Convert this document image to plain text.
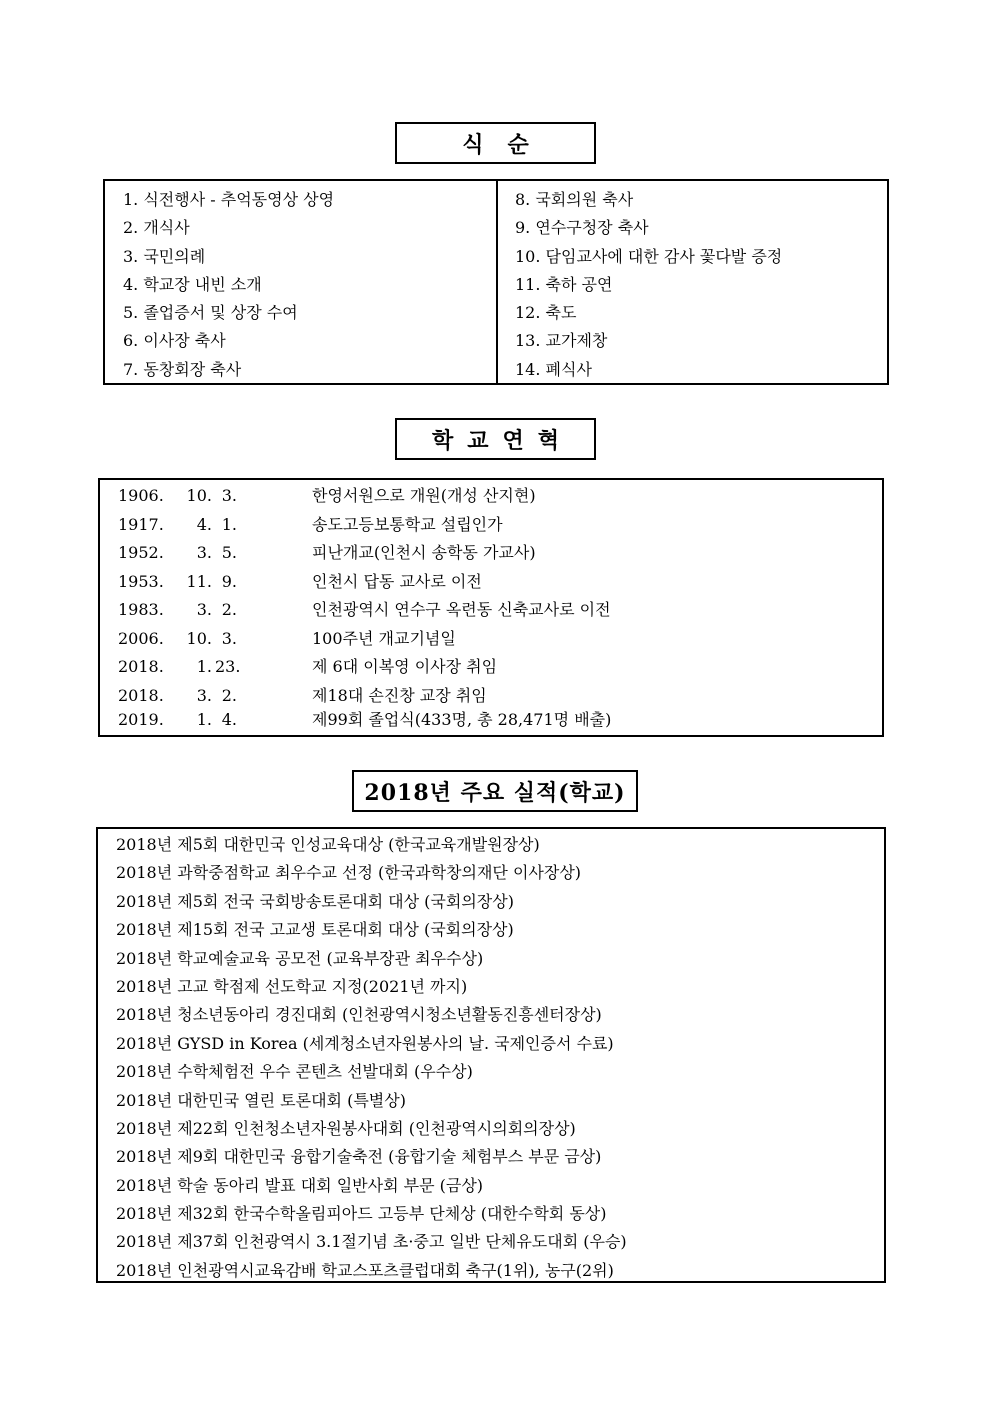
식순
1. 식전행사 - 추억동영상 상영
2. 개식사
3. 국민의례
4. 학교장 내빈 소개
5. 졸업증서 및 상장 수여
6. 이사장 축사
7. 동창회장 축사
8. 국회의원 축사
9. 연수구청장 축사
10. 담임교사에 대한 감사 꽃다발 증정
11. 축하 공연
12. 축도
13. 교가제창
14. 폐식사
학교연혁
1906.	10. 3.	한영서원으로 개원(개성 산지현)
1917.	4. 1.	송도고등보통학교 설립인가
1952.	3. 5.	피난개교(인천시 송학동 가교사)
1953.	11. 9.	인천시 답동 교사로 이전
1983.	3. 2.	인천광역시 연수구 옥련동 신축교사로 이전
2006.	10. 3.	100주년 개교기념일
2018.	1. 23.	제 6대 이복영 이사장 취임
2018.	3. 2.	제18대 손진창 교장 취임
2019.	1. 4.	제99회 졸업식(433명, 총 28,471명 배출)
2018년 주요 실적(학교)
2018년 제5회 대한민국 인성교육대상 (한국교육개발원장상)
2018년 과학중점학교 최우수교 선정 (한국과학창의재단 이사장상)
2018년 제5회 전국 국회방송토론대회 대상 (국회의장상)
2018년 제15회 전국 고교생 토론대회 대상 (국회의장상)
2018년 학교예술교육 공모전 (교육부장관 최우수상)
2018년 고교 학점제 선도학교 지정(2021년 까지)
2018년 청소년동아리 경진대회 (인천광역시청소년활동진흥센터장상)
2018년 GYSD in Korea (세계청소년자원봉사의 날. 국제인증서 수료)
2018년 수학체험전 우수 콘텐츠 선발대회 (우수상)
2018년 대한민국 열린 토론대회 (특별상)
2018년 제22회 인천청소년자원봉사대회 (인천광역시의회의장상)
2018년 제9회 대한민국 융합기술축전 (융합기술 체험부스 부문 금상)
2018년 학술 동아리 발표 대회 일반사회 부문 (금상)
2018년 제32회 한국수학올림피아드 고등부 단체상 (대한수학회 동상)
2018년 제37회 인천광역시 3.1절기념 초·중고 일반 단체유도대회 (우승)
2018년 인천광역시교육감배 학교스포츠클럽대회 축구(1위), 농구(2위)
